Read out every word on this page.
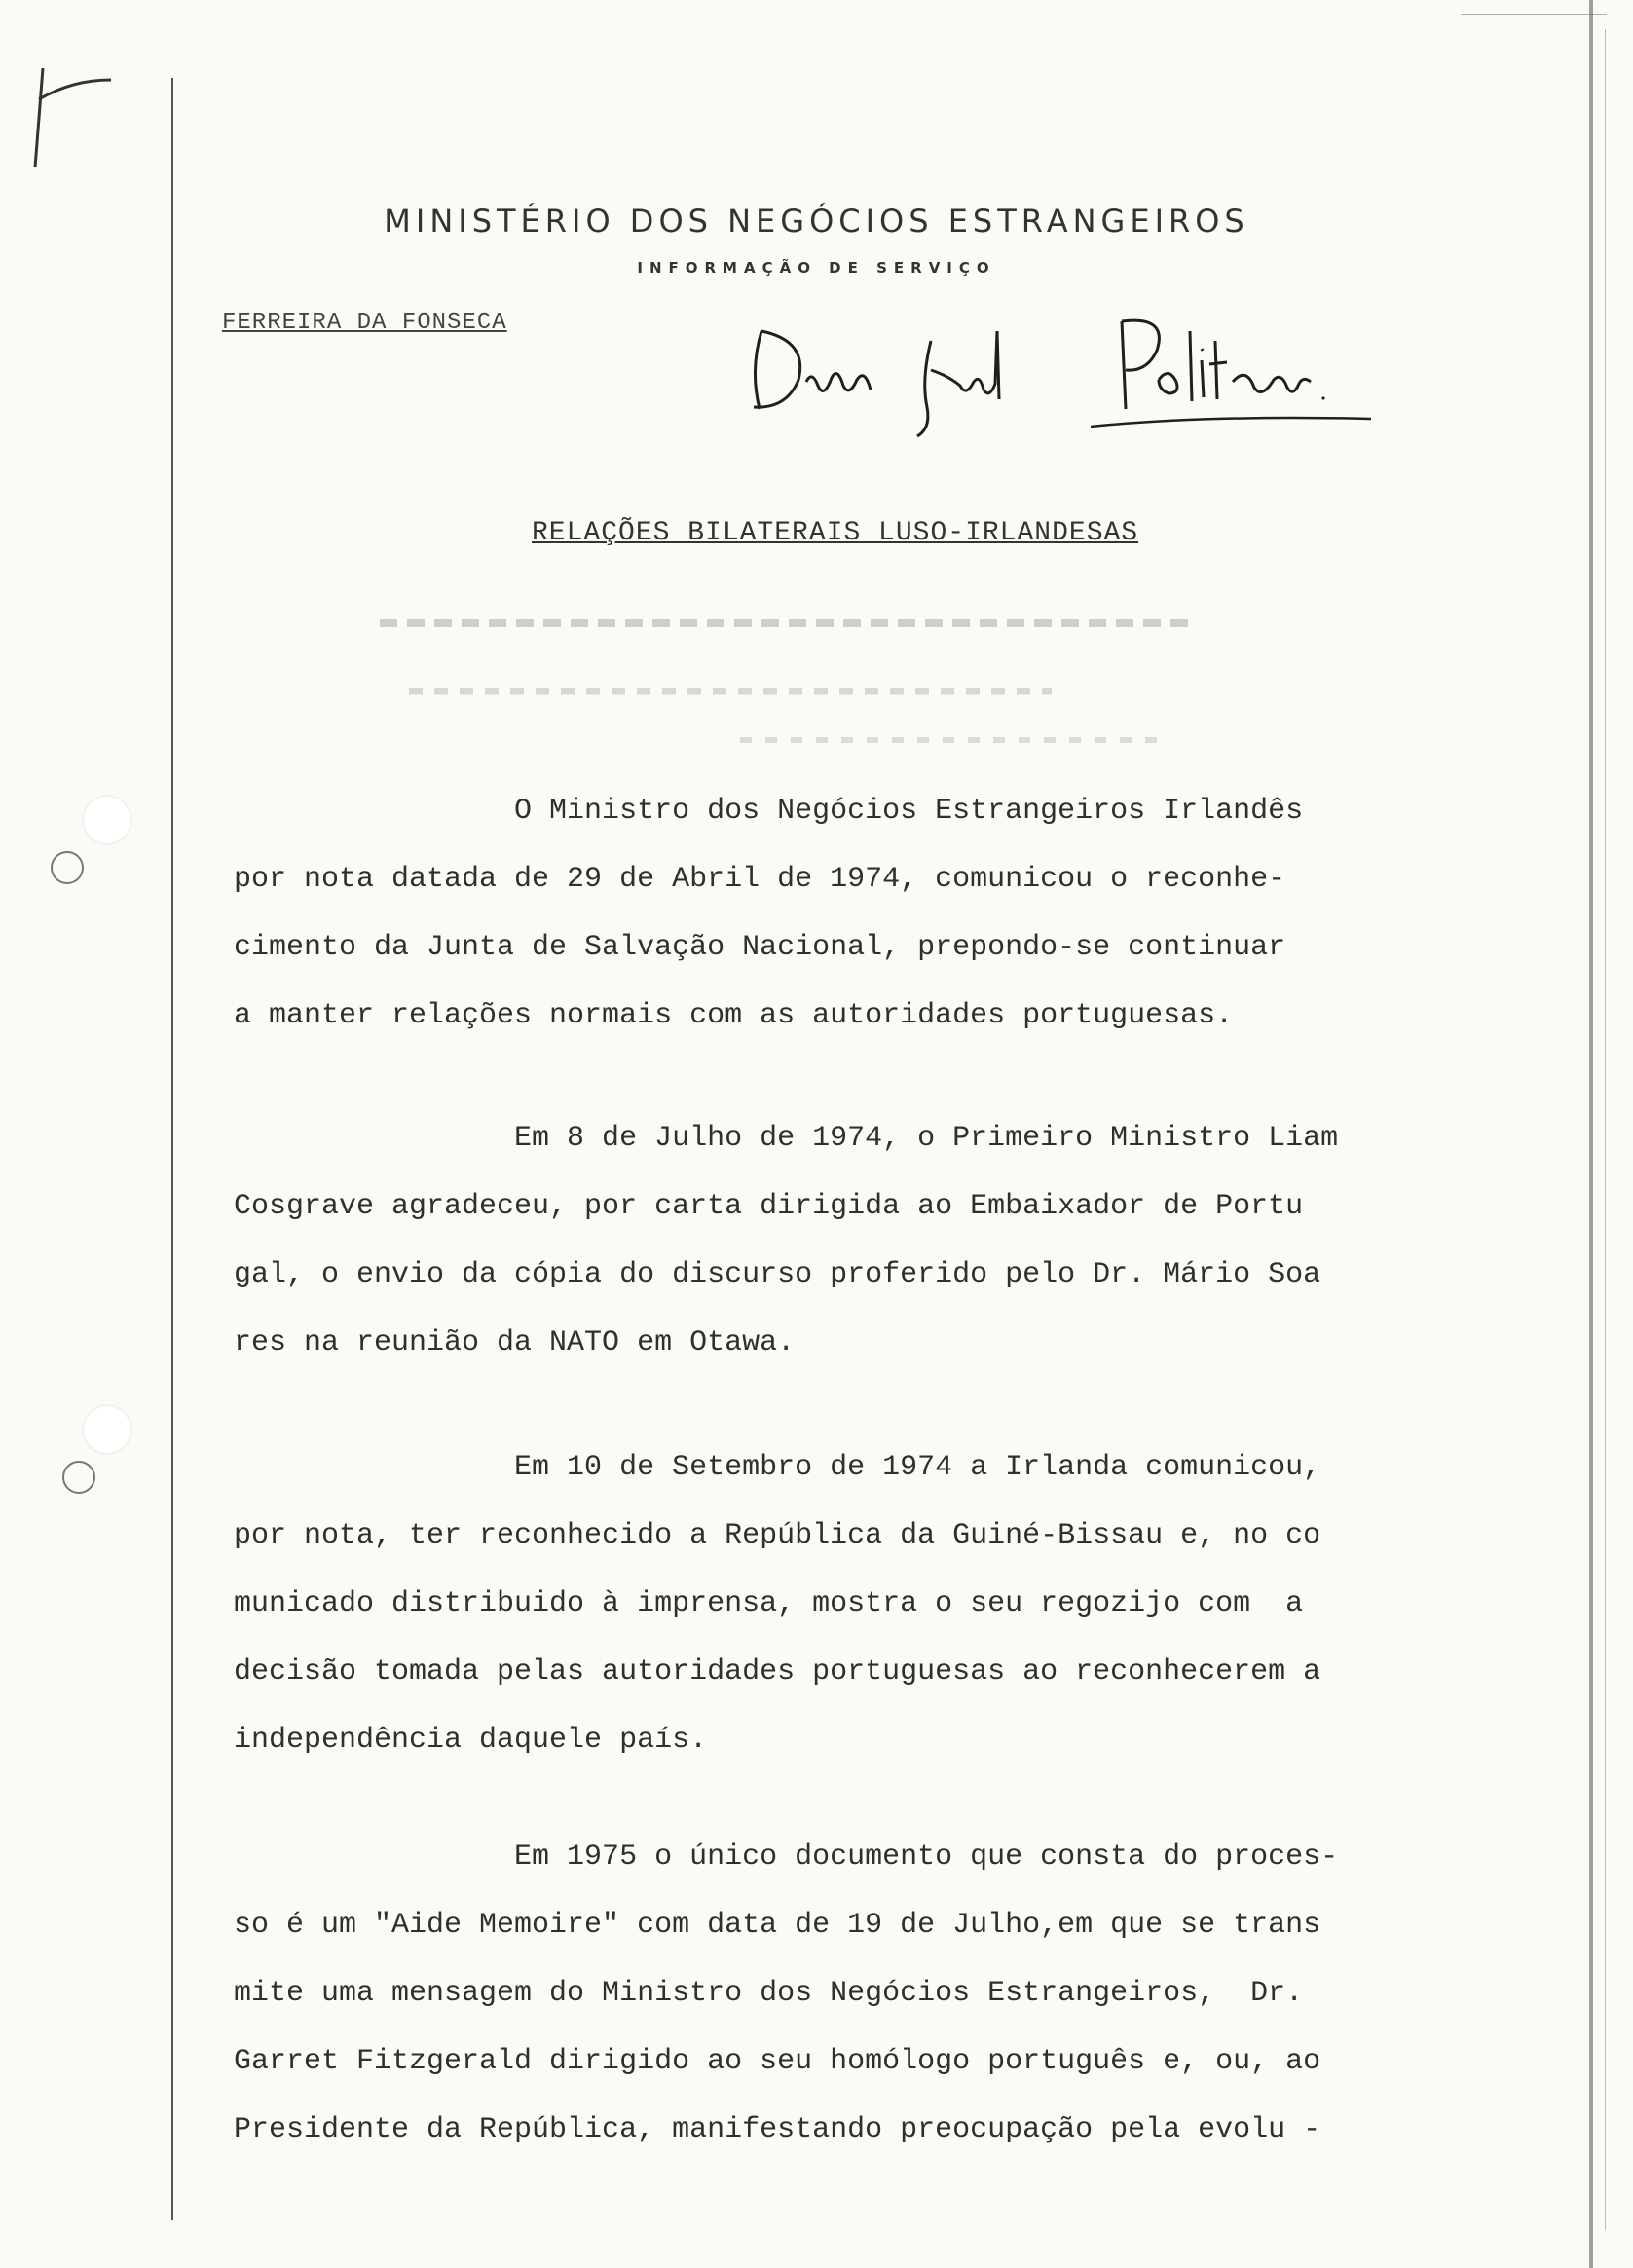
MINISTÉRIO DOS NEGÓCIOS ESTRANGEIROS
INFORMAÇÃO DE SERVIÇO
FERREIRA DA FONSECA
RELAÇÕES BILATERAIS LUSO-IRLANDESAS
O Ministro dos Negócios Estrangeiros Irlandês
por nota datada de 29 de Abril de 1974, comunicou o reconhe-
cimento da Junta de Salvação Nacional, prepondo-se continuar
a manter relações normais com as autoridades portuguesas.
Em 8 de Julho de 1974, o Primeiro Ministro Liam
Cosgrave agradeceu, por carta dirigida ao Embaixador de Portu
gal, o envio da cópia do discurso proferido pelo Dr. Mário Soa
res na reunião da NATO em Otawa.
Em 10 de Setembro de 1974 a Irlanda comunicou,
por nota, ter reconhecido a República da Guiné-Bissau e, no co
municado distribuido à imprensa, mostra o seu regozijo com  a
decisão tomada pelas autoridades portuguesas ao reconhecerem a
independência daquele país.
Em 1975 o único documento que consta do proces-
so é um "Aide Memoire" com data de 19 de Julho,em que se trans
mite uma mensagem do Ministro dos Negócios Estrangeiros,  Dr.
Garret Fitzgerald dirigido ao seu homólogo português e, ou, ao
Presidente da República, manifestando preocupação pela evolu -
